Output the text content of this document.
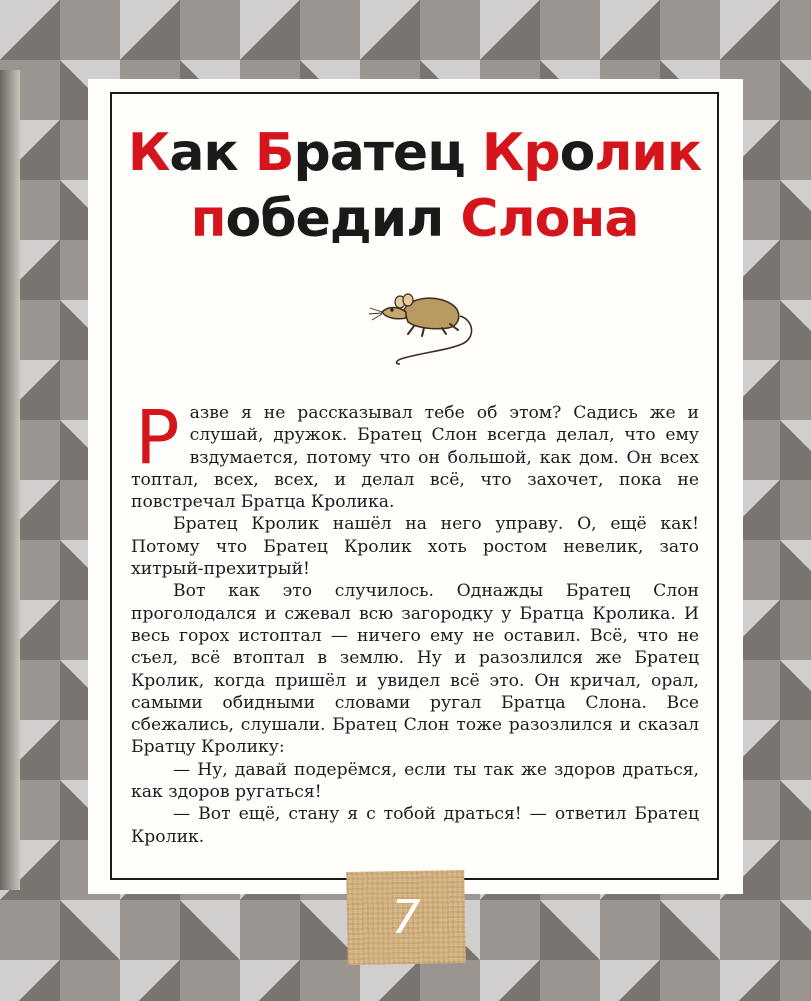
Как Братец Кролик
победил Слона

Р азве я не рассказывал тебе об этом? Садись же и слушай, дружок. Братец Слон всегда делал, что ему вздумается, потому что он большой, как дом. Он всех топтал, всех, всех, и делал всё, что захочет, пока не повстречал Братца Кролика.

Братец Кролик нашёл на него управу. О, ещё как! Потому что Братец Кролик хоть ростом невелик, зато хитрый-прехитрый!

Вот как это случилось. Однажды Братец Слон проголодался и сжевал всю загородку у Братца Кролика. И весь горох истоптал — ничего ему не оставил. Всё, что не съел, всё втоптал в землю. Ну и разозлился же Братец Кролик, когда пришёл и увидел всё это. Он кричал, орал, самыми обидными словами ругал Братца Слона. Все сбежались, слушали. Братец Слон тоже разозлился и сказал Братцу Кролику:

— Ну, давай подерёмся, если ты так же здоров драться, как здоров ругаться!

— Вот ещё, стану я с тобой драться! — ответил Братец Кролик.

7
